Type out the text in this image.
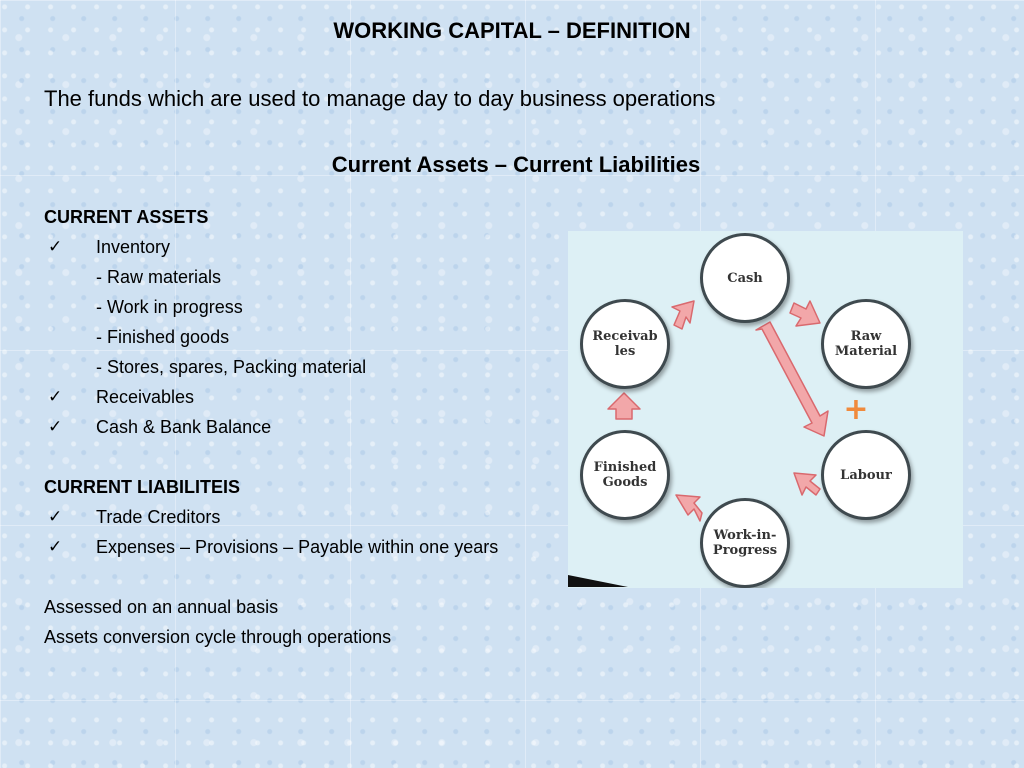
WORKING CAPITAL – DEFINITION
The funds which are used to manage day to day business operations
Current Assets – Current Liabilities
CURRENT ASSETS
✓ Inventory
- Raw materials
- Work in progress
- Finished goods
- Stores, spares, Packing material
✓ Receivables
✓ Cash & Bank Balance
CURRENT LIABILITEIS
✓ Trade Creditors
✓ Expenses – Provisions – Payable within one years
Assessed on an annual basis
Assets conversion cycle through operations
+
Cash
Raw
Material
Labour
Work-in-
Progress
Finished
Goods
Receivab
les
